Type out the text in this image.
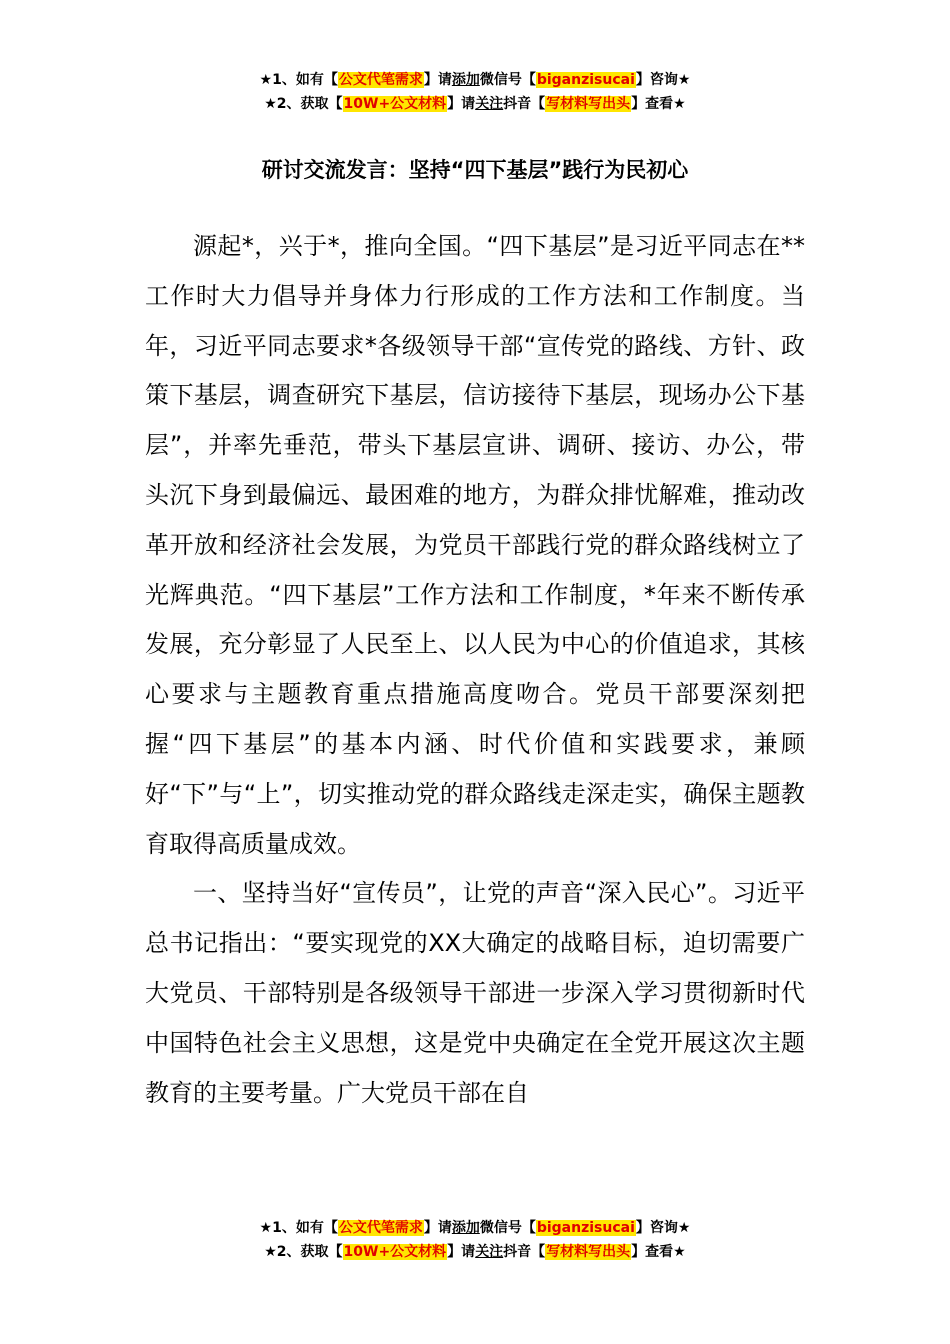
★1、如有【公文代笔需求】请添加微信号【biganzisucai】咨询★
★2、获取【10W+公文材料】请关注抖音【写材料写出头】查看★
研讨交流发言：坚持“四下基层”践行为民初心

源起*，兴于*，推向全国。“四下基层”是习近平同志在**工作时大力倡导并身体力行形成的工作方法和工作制度。当年，习近平同志要求*各级领导干部“宣传党的路线、方针、政策下基层，调查研究下基层，信访接待下基层，现场办公下基层”，并率先垂范，带头下基层宣讲、调研、接访、办公，带头沉下身到最偏远、最困难的地方，为群众排忧解难，推动改革开放和经济社会发展，为党员干部践行党的群众路线树立了光辉典范。“四下基层”工作方法和工作制度，*年来不断传承发展，充分彰显了人民至上、以人民为中心的价值追求，其核心要求与主题教育重点措施高度吻合。党员干部要深刻把握“四下基层”的基本内涵、时代价值和实践要求，兼顾好“下”与“上”，切实推动党的群众路线走深走实，确保主题教育取得高质量成效。

一、坚持当好“宣传员”，让党的声音“深入民心”。习近平总书记指出：“要实现党的XX大确定的战略目标，迫切需要广大党员、干部特别是各级领导干部进一步深入学习贯彻新时代中国特色社会主义思想，这是党中央确定在全党开展这次主题教育的主要考量。广大党员干部在自

★1、如有【公文代笔需求】请添加微信号【biganzisucai】咨询★
★2、获取【10W+公文材料】请关注抖音【写材料写出头】查看★
